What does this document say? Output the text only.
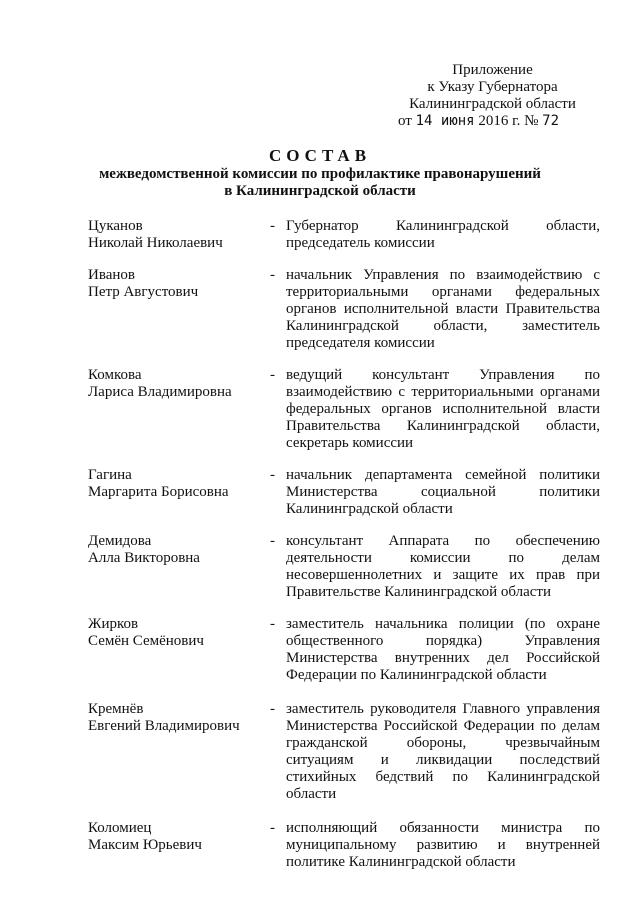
Приложение
к Указу Губернатора
Калининградской области
от 14 июня 2016 г. № 72
СОСТАВ
межведомственной комиссии по профилактике правонарушений
в Калининградской области
Цуканов
Николай Николаевич
- Губернатор Калининградской области, председатель комиссии
Иванов
Петр Августович
- начальник Управления по взаимодействию с территориальными органами федеральных органов исполнительной власти Правительства Калининградской области, заместитель председателя комиссии
Комкова
Лариса Владимировна
- ведущий консультант Управления по взаимодействию с территориальными органами федеральных органов исполнительной власти Правительства Калининградской области, секретарь комиссии
Гагина
Маргарита Борисовна
- начальник департамента семейной политики Министерства социальной политики Калининградской области
Демидова
Алла Викторовна
- консультант Аппарата по обеспечению деятельности комиссии по делам несовершеннолетних и защите их прав при Правительстве Калининградской области
Жирков
Семён Семёнович
- заместитель начальника полиции (по охране общественного порядка) Управления Министерства внутренних дел Российской Федерации по Калининградской области
Кремнёв
Евгений Владимирович
- заместитель руководителя Главного управления Министерства Российской Федерации по делам гражданской обороны, чрезвычайным ситуациям и ликвидации последствий стихийных бедствий по Калининградской области
Коломиец
Максим Юрьевич
- исполняющий обязанности министра по муниципальному развитию и внутренней политике Калининградской области
